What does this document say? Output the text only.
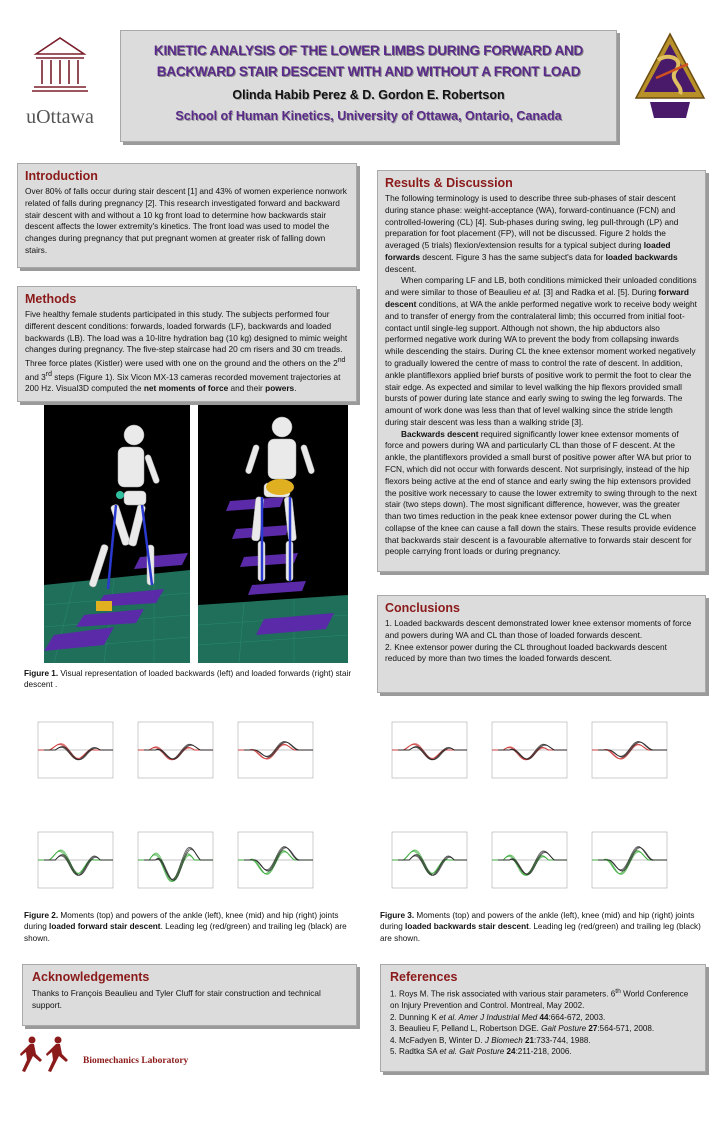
uOttawa
KINETIC ANALYSIS OF THE LOWER LIMBS DURING FORWARD AND
BACKWARD STAIR DESCENT WITH AND WITHOUT A FRONT LOAD
Olinda Habib Perez & D. Gordon E. Robertson
School of Human Kinetics, University of Ottawa, Ontario, Canada
Introduction
Over 80% of falls occur during stair descent [1] and 43% of women experience nonwork related of falls during pregnancy [2]. This research investigated forward and backward stair descent with and without a 10 kg front load to determine how backwards stair descent affects the lower extremity's kinetics. The front load was used to model the changes during pregnancy that put pregnant women at greater risk of falling down stairs.
Methods
Five healthy female students participated in this study. The subjects performed four different descent conditions: forwards, loaded forwards (LF), backwards and loaded backwards (LB). The load was a 10-litre hydration bag (10 kg) designed to mimic weight changes during pregnancy. The five-step staircase had 20 cm risers and 30 cm treads. Three force plates (Kistler) were used with one on the ground and the others on the 2nd and 3rd steps (Figure 1). Six Vicon MX-13 cameras recorded movement trajectories at 200 Hz. Visual3D computed the net moments of force and their powers.
Figure 1. Visual representation of loaded backwards (left) and loaded forwards (right) stair descent .
Results & Discussion

The following terminology is used to describe three sub-phases of stair descent during stance phase: weight-acceptance (WA), forward-continuance (FCN) and controlled-lowering (CL) [4]. Sub-phases during swing, leg pull-through (LP) and preparation for foot placement (FP), will not be discussed. Figure 2 holds the averaged (5 trials) flexion/extension results for a typical subject during loaded forwards descent. Figure 3 has the same subject's data for loaded backwards descent.

When comparing LF and LB, both conditions mimicked their unloaded conditions and were similar to those of Beaulieu et al. [3] and Radka et al. [5]. During forward descent conditions, at WA the ankle performed negative work to receive body weight and to transfer of energy from the contralateral limb; this occurred from initial foot-contact until single-leg support. Although not shown, the hip abductors also performed negative work during WA to prevent the body from collapsing inwards while descending the stairs. During CL the knee extensor moment worked negatively to gradually lowered the centre of mass to control the rate of descent. In addition, ankle plantiflexors applied brief bursts of positive work to permit the foot to clear the stair edge. As expected and similar to level walking the hip flexors provided small bursts of power during late stance and early swing to swing the leg forwards. The amount of work done was less than that of level walking since the stride length during stair descent was less than a walking stride [3].

Backwards descent required significantly lower knee extensor moments of force and powers during WA and particularly CL than those of F descent. At the ankle, the plantiflexors provided a small burst of positive power after WA but prior to FCN, which did not occur with forwards descent. Not surprisingly, instead of the hip flexors being active at the end of stance and early swing the hip extensors provided the positive work necessary to cause the lower extremity to swing through to the next stair (two steps down). The most significant difference, however, was the greater than two times reduction in the peak knee extensor power during the CL when collapse of the knee can cause a fall down the stairs. These results provide evidence that backwards stair descent is a favourable alternative to forwards stair descent for people carrying front loads or during pregnancy.

Conclusions
1. Loaded backwards descent demonstrated lower knee extensor moments of force and powers during WA and CL than those of loaded forwards descent.
2. Knee extensor power during the CL throughout loaded backwards descent reduced by more than two times the loaded forwards descent.
Figure 2. Moments (top) and powers of the ankle (left), knee (mid) and hip (right) joints during loaded forward stair descent. Leading leg (red/green) and trailing leg (black) are shown.
Figure 3. Moments (top) and powers of the ankle (left), knee (mid) and hip (right) joints during loaded backwards stair descent. Leading leg (red/green) and trailing leg (black) are shown.
Acknowledgements
Thanks to François Beaulieu and Tyler Cluff for stair construction and technical support.
References
1. Roys M. The risk associated with various stair parameters. 6th World Conference on Injury Prevention and Control. Montreal, May 2002.
2. Dunning K et al. Amer J Industrial Med 44:664-672, 2003.
3. Beaulieu F, Pelland L, Robertson DGE. Gait Posture 27:564-571, 2008.
4. McFadyen B, Winter D. J Biomech 21:733-744, 1988.
5. Radtka SA et al. Gait Posture 24:211-218, 2006.
Biomechanics Laboratory
